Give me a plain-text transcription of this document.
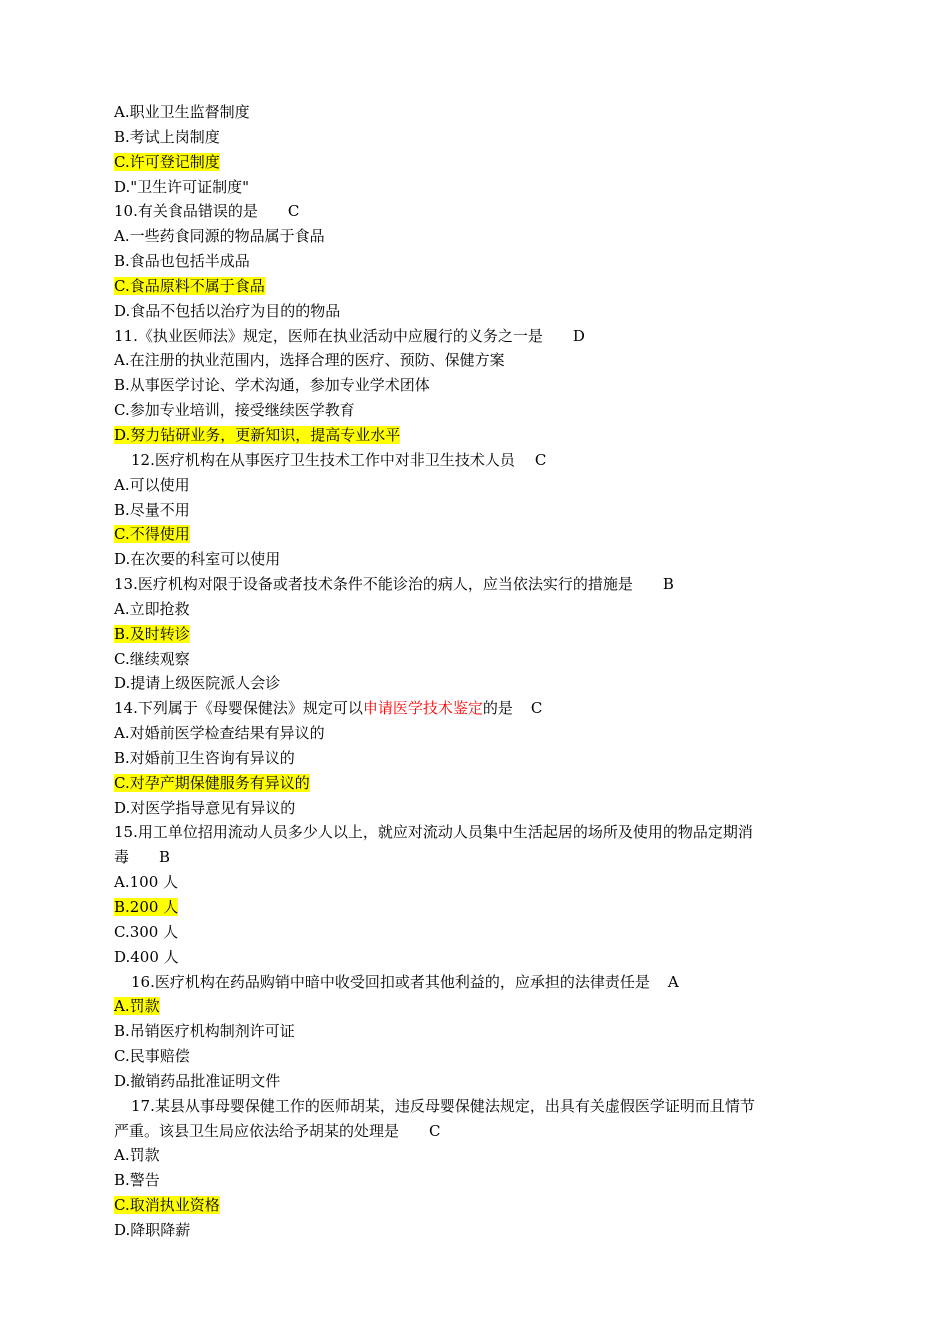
A.职业卫生监督制度
B.考试上岗制度
C.许可登记制度
D."卫生许可证制度"
10.有关食品错误的是 C
A.一些药食同源的物品属于食品
B.食品也包括半成品
C.食品原料不属于食品
D.食品不包括以治疗为目的的物品
11.《执业医师法》规定，医师在执业活动中应履行的义务之一是 D
A.在注册的执业范围内，选择合理的医疗、预防、保健方案
B.从事医学讨论、学术沟通，参加专业学术团体
C.参加专业培训，接受继续医学教育
D.努力钻研业务，更新知识，提高专业水平
12.医疗机构在从事医疗卫生技术工作中对非卫生技术人员 C
A.可以使用
B.尽量不用
C.不得使用
D.在次要的科室可以使用
13.医疗机构对限于设备或者技术条件不能诊治的病人，应当依法实行的措施是 B
A.立即抢救
B.及时转诊
C.继续观察
D.提请上级医院派人会诊
14.下列属于《母婴保健法》规定可以申请医学技术鉴定的是 C
A.对婚前医学检查结果有异议的
B.对婚前卫生咨询有异议的
C.对孕产期保健服务有异议的
D.对医学指导意见有异议的
15.用工单位招用流动人员多少人以上，就应对流动人员集中生活起居的场所及使用的物品定期消
毒 B
A.100 人
B.200 人
C.300 人
D.400 人
16.医疗机构在药品购销中暗中收受回扣或者其他利益的，应承担的法律责任是 A
A.罚款
B.吊销医疗机构制剂许可证
C.民事赔偿
D.撤销药品批准证明文件
17.某县从事母婴保健工作的医师胡某，违反母婴保健法规定，出具有关虚假医学证明而且情节
严重。该县卫生局应依法给予胡某的处理是 C
A.罚款
B.警告
C.取消执业资格
D.降职降薪
